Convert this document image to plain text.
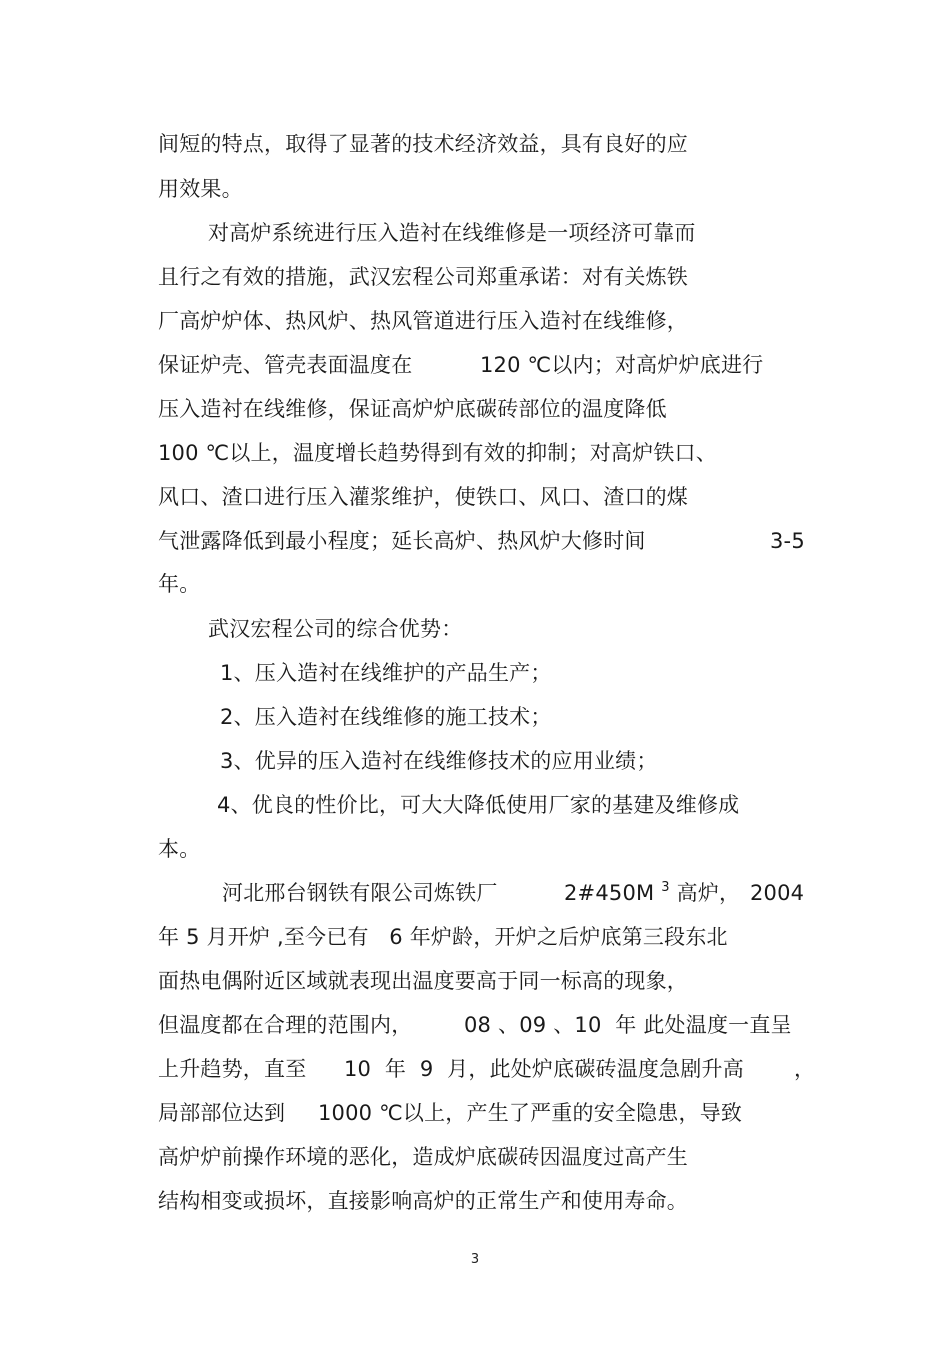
间短的特点，取得了显著的技术经济效益，具有良好的应
用效果。
对高炉系统进行压入造衬在线维修是一项经济可靠而
且行之有效的措施，武汉宏程公司郑重承诺：对有关炼铁
厂高炉炉体、热风炉、热风管道进行压入造衬在线维修，

保证炉壳、管壳表面温度在

	120 ℃以内；对高炉炉底进行

压入造衬在线维修，保证高炉炉底碳砖部位的温度降低
100 ℃以上，温度增长趋势得到有效的抑制；对高炉铁口、
风口、渣口进行压入灌浆维护，使铁口、风口、渣口的煤

气泄露降低到最小程度；延长高炉、热风炉大修时间

	3-5

年。
武汉宏程公司的综合优势：
1、压入造衬在线维护的产品生产；
2、压入造衬在线维修的施工技术；
3、优异的压入造衬在线维修技术的应用业绩；
4、优良的性价比，可大大降低使用厂家的基建及维修成
本。

河北邢台钢铁有限公司炼铁厂

	2#450M $^3$ 高炉，

2004

年 5 月开炉 ,至今已有   6 年炉龄，开炉之后炉底第三段东北
面热电偶附近区域就表现出温度要高于同一标高的现象，

但温度都在合理的范围内，

08 、09 、10  年 此处温度一直呈

上升趋势，直至

10  年  9  月，此处炉底碳砖温度急剧升高

，

局部部位达到

1000 ℃以上，产生了严重的安全隐患，导致

高炉炉前操作环境的恶化，造成炉底碳砖因温度过高产生
结构相变或损坏，直接影响高炉的正常生产和使用寿命。
3
